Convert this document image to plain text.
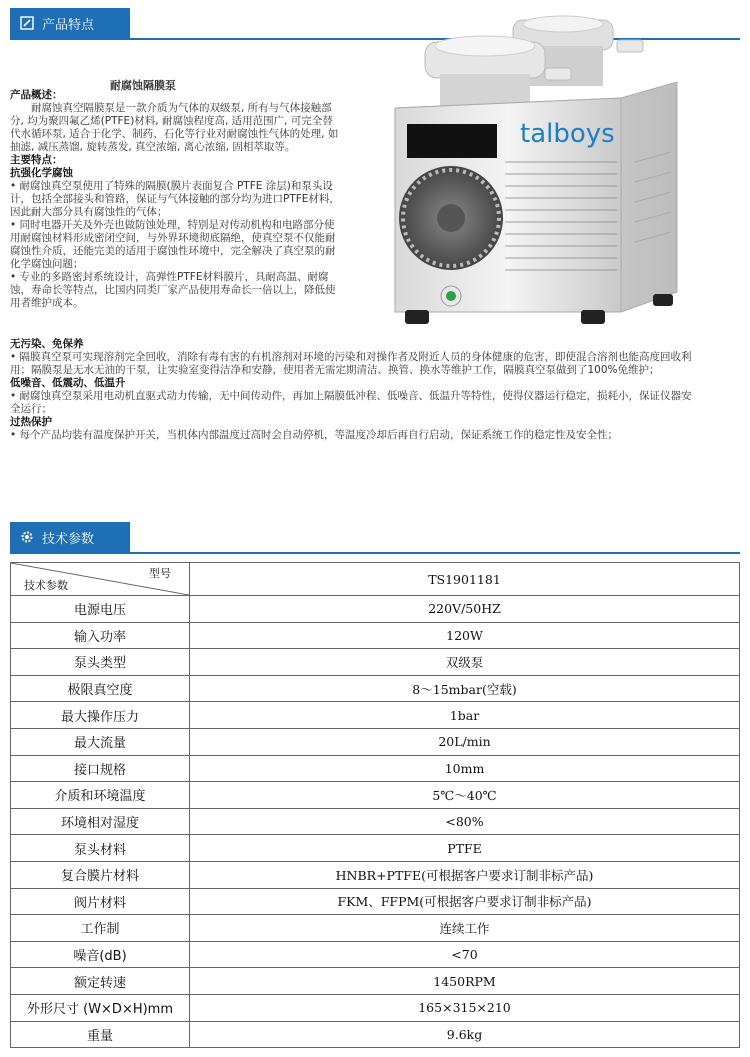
产品特点
耐腐蚀隔膜泵
产品概述：
耐腐蚀真空隔膜泵是一款介质为气体的双级泵, 所有与气体接触部分, 均为聚四氟乙烯(PTFE)材料, 耐腐蚀程度高, 适用范围广, 可完全替代水循环泵, 适合于化学、制药、石化等行业对耐腐蚀性气体的处理, 如抽滤, 减压蒸馏, 旋转蒸发, 真空浓缩, 离心浓缩, 固相萃取等。
主要特点：
抗强化学腐蚀
• 耐腐蚀真空泵使用了特殊的隔膜(膜片表面复合 PTFE 涂层)和泵头设计，包括全部接头和管路，保证与气体接触的部分均为进口PTFE材料，因此耐大部分具有腐蚀性的气体；
• 同时电器开关及外壳也做防蚀处理，特别是对传动机构和电路部分使用耐腐蚀材料形成密闭空间，与外界环境彻底隔绝，使真空泵不仅能耐腐蚀性介质，还能完美的适用于腐蚀性环境中，完全解决了真空泵的耐化学腐蚀问题；
• 专业的多路密封系统设计，高弹性PTFE材料膜片，具耐高温、耐腐蚀，寿命长等特点，比国内同类厂家产品使用寿命长一倍以上，降低使用者维护成本。
无污染、免保养
• 隔膜真空泵可实现溶剂完全回收，消除有毒有害的有机溶剂对环境的污染和对操作者及附近人员的身体健康的危害，即使混合溶剂也能高度回收利用；隔膜泵是无水无油的干泵，让实验室变得洁净和安静，使用者无需定期清洁、换管、换水等维护工作，隔膜真空泵做到了100%免维护；
低噪音、低震动、低温升
• 耐腐蚀真空泵采用电动机直驱式动力传输，无中间传动件，再加上隔膜低冲程、低噪音、低温升等特性，使得仪器运行稳定，损耗小，保证仪器安全运行；
过热保护
• 每个产品均装有温度保护开关，当机体内部温度过高时会自动停机，等温度冷却后再自行启动，保证系统工作的稳定性及安全性；
talboys
技术参数
型号
技术参数	TS1901181
电源电压	220V/50HZ
输入功率	120W
泵头类型	双级泵
极限真空度	8～15mbar(空载)
最大操作压力	1bar
最大流量	20L/min
接口规格	10mm
介质和环境温度	5℃～40℃
环境相对湿度	<80%
泵头材料	PTFE
复合膜片材料	HNBR+PTFE(可根据客户要求订制非标产品)
阀片材料	FKM、FFPM(可根据客户要求订制非标产品)
工作制	连续工作
噪音(dB)	<70
额定转速	1450RPM
外形尺寸 (W×D×H)mm	165×315×210
重量	9.6kg
